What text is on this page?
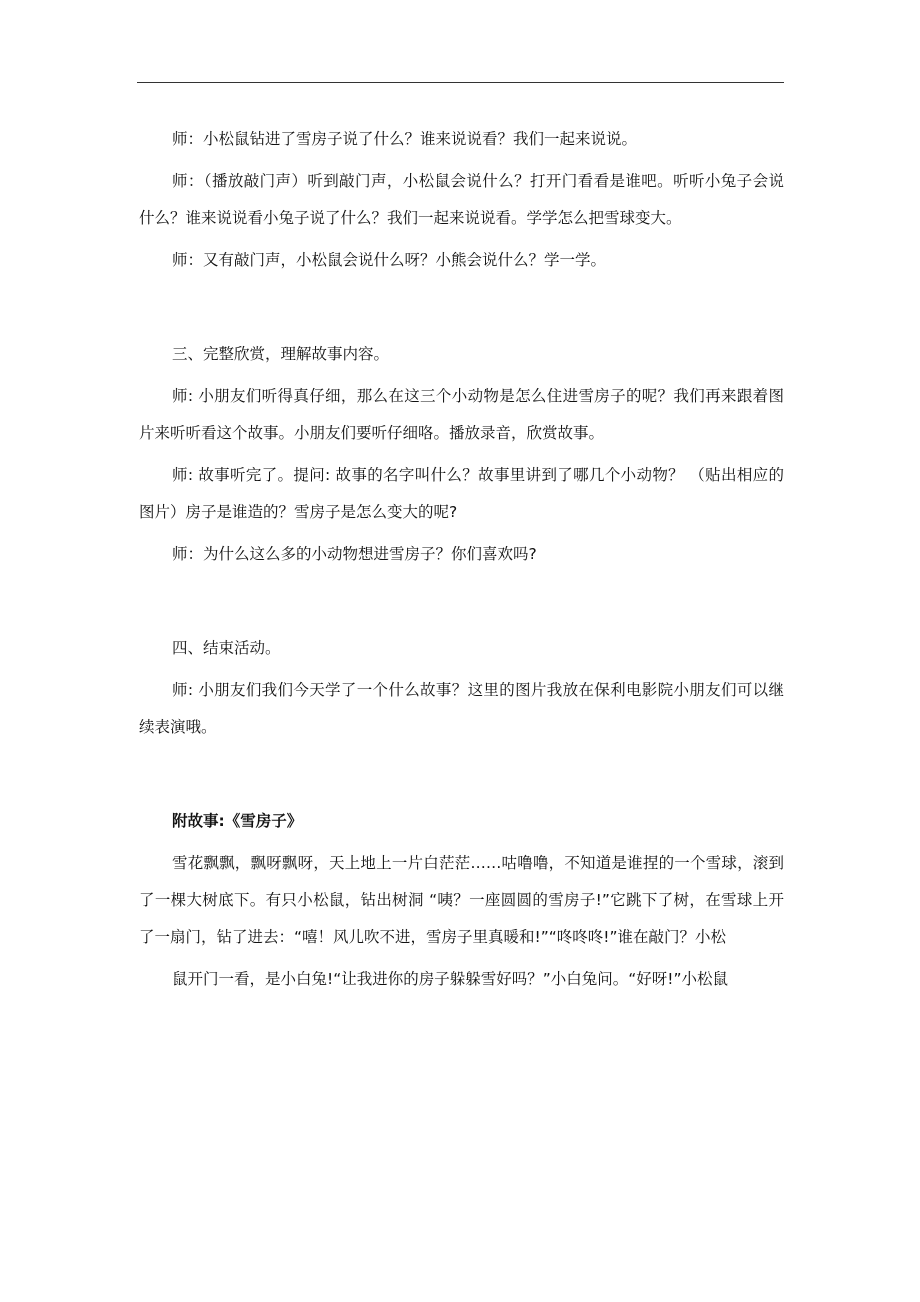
师：小松鼠钻进了雪房子说了什么？谁来说说看？我们一起来说说。

师：（播放敲门声）听到敲门声，小松鼠会说什么？打开门看看是谁吧。听听小兔子会说什么？谁来说说看小兔子说了什么？我们一起来说说看。学学怎么把雪球变大。

师：又有敲门声，小松鼠会说什么呀？小熊会说什么？学一学。

三、完整欣赏，理解故事内容。

师: 小朋友们听得真仔细，那么在这三个小动物是怎么住进雪房子的呢？我们再来跟着图片来听听看这个故事。小朋友们要听仔细咯。播放录音，欣赏故事。

师: 故事听完了。提问: 故事的名字叫什么？故事里讲到了哪几个小动物？ （贴出相应的图片）房子是谁造的？雪房子是怎么变大的呢?

师：为什么这么多的小动物想进雪房子？你们喜欢吗?

四、结束活动。

师: 小朋友们我们今天学了一个什么故事？这里的图片我放在保利电影院小朋友们可以继续表演哦。

附故事:《雪房子》

雪花飘飘，飘呀飘呀，天上地上一片白茫茫……咕噜噜，不知道是谁捏的一个雪球，滚到了一棵大树底下。有只小松鼠，钻出树洞 “咦？一座圆圆的雪房子!”它跳下了树，在雪球上开了一扇门，钻了进去：“嘻！风儿吹不进，雪房子里真暖和!”“咚咚咚!”谁在敲门？小松

鼠开门一看，是小白兔!“让我进你的房子躲躲雪好吗？”小白兔问。“好呀!”小松鼠
